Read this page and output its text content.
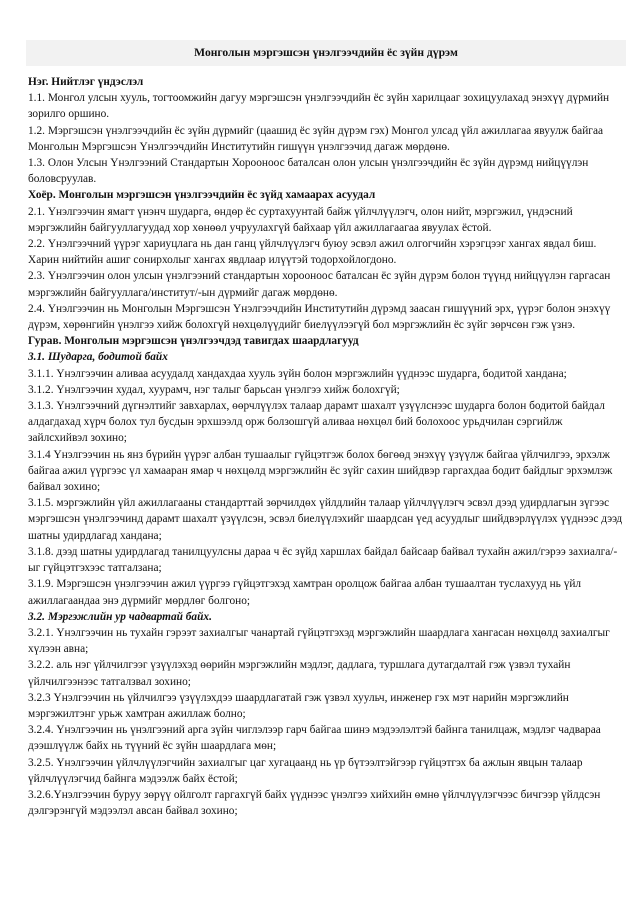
Монголын мэргэшсэн үнэлгээчдийн ёс зүйн дүрэм

Нэг. Нийтлэг үндэслэл

1.1. Монгол улсын хууль, тогтоомжийн дагуу мэргэшсэн үнэлгээчдийн ёс зүйн харилцааг зохицуулахад энэхүү дүрмийн зорилго оршино.

1.2. Мэргэшсэн үнэлгээчдийн ёс зүйн дүрмийг (цаашид ёс зүйн дүрэм гэх) Монгол улсад үйл ажиллагаа явуулж байгаа Монголын Мэргэшсэн Үнэлгээчдийн Институтийн гишүүн үнэлгээчид дагаж мөрдөнө.

1.3. Олон Улсын Үнэлгээний Стандартын Хорооноос баталсан олон улсын үнэлгээчдийн ёс зүйн дүрэмд нийцүүлэн боловсруулав.

Хоёр. Монголын мэргэшсэн үнэлгээчдийн ёс зүйд хамаарах асуудал

2.1. Үнэлгээчин ямагт үнэнч шударга, өндөр ёс суртахуунтай байж үйлчлүүлэгч, олон нийт, мэргэжил, үндэсний мэргэжлийн байгууллагуудад хор хөнөөл учруулахгүй байхаар үйл ажиллагаагаа явуулах ёстой.

2.2. Үнэлгээчний үүрэг хариуцлага нь дан ганц үйлчлүүлэгч буюу эсвэл ажил олгогчийн хэрэгцээг хангах явдал биш. Харин нийтийн ашиг сонирхолыг хангах явдлаар илүүтэй тодорхойлогдоно.

2.3. Үнэлгээчин олон улсын үнэлгээний стандартын хорооноос баталсан ёс зүйн дүрэм болон түүнд нийцүүлэн гаргасан мэргэжлийн байгууллага/институт/-ын дүрмийг дагаж мөрдөнө.

2.4. Үнэлгээчин нь Монголын Мэргэшсэн Үнэлгээчдийн Институтийн дүрэмд заасан гишүүний эрх, үүрэг болон энэхүү дүрэм, хөрөнгийн үнэлгээ хийж болохгүй нөхцөлүүдийг биелүүлээгүй бол мэргэжлийн ёс зүйг зөрчсөн гэж үзнэ.

Гурав. Монголын мэргэшсэн үнэлгээчдэд тавигдах шаардлагууд

3.1. Шударга, бодитой байх

3.1.1. Үнэлгээчин аливаа асуудалд хандахдаа хууль зүйн болон мэргэжлийн үүднээс шударга, бодитой хандана;

3.1.2. Үнэлгээчин худал, хуурамч, нэг талыг барьсан үнэлгээ хийж болохгүй;

3.1.3. Үнэлгээчний дүгнэлтийг завхарлах, өөрчлүүлэх талаар дарамт шахалт үзүүлснээс шударга болон бодитой байдал алдагдахад хүрч болох тул бусдын эрхшээлд орж болзошгүй аливаа нөхцөл бий болохоос урьдчилан сэргийлж зайлсхийвэл зохино;

3.1.4 Үнэлгээчин нь янз бүрийн үүрэг албан тушаалыг гүйцэтгэж болох бөгөөд энэхүү үзүүлж байгаа үйлчилгээ, эрхэлж байгаа ажил үүргээс үл хамааран ямар ч нөхцөлд мэргэжлийн ёс зүйг сахин шийдвэр гаргахдаа бодит байдлыг эрхэмлэж байвал зохино;

3.1.5. мэргэжлийн үйл ажиллагааны стандарттай зөрчилдөх үйлдлийн талаар үйлчлүүлэгч эсвэл дээд удирдлагын зүгээс мэргэшсэн үнэлгээчинд дарамт шахалт үзүүлсэн, эсвэл биелүүлэхийг шаардсан үед асуудлыг шийдвэрлүүлэх үүднээс дээд шатны удирдлагад хандана;

3.1.8. дээд шатны удирдлагад танилцуулсны дараа ч ёс зүйд харшлах байдал байсаар байвал тухайн ажил/гэрээ захиалга/-ыг гүйцэтгэхээс татгалзана;

3.1.9. Мэргэшсэн үнэлгээчин ажил үүргээ гүйцэтгэхэд хамтран оролцож байгаа албан тушаалтан туслахууд нь үйл ажиллагаандаа энэ дүрмийг мөрдлөг болгоно;

3.2. Мэргэжлийн ур чадвартай байх.

3.2.1. Үнэлгээчин нь тухайн гэрээт захиалгыг чанартай гүйцэтгэхэд мэргэжлийн шаардлага хангасан нөхцөлд захиалгыг хүлээн авна;

3.2.2. аль нэг үйлчилгээг үзүүлэхэд өөрийн мэргэжлийн мэдлэг, дадлага, туршлага дутагдалтай гэж үзвэл тухайн үйлчилгээнээс татгалзвал зохино;

3.2.3 Үнэлгээчин нь үйлчилгээ үзүүлэхдээ шаардлагатай гэж үзвэл хуульч, инженер гэх мэт нарийн мэргэжлийн мэргэжилтэнг урьж хамтран ажиллаж болно;

3.2.4. Үнэлгээчин нь үнэлгээний арга зүйн чиглэлээр гарч байгаа шинэ мэдээлэлтэй байнга танилцаж, мэдлэг чадвараа дээшлүүлж байх нь түүний ёс зүйн шаардлага мөн;

3.2.5. Үнэлгээчин үйлчлүүлэгчийн захиалгыг цаг хугацаанд нь үр бүтээлтэйгээр гүйцэтгэх ба ажлын явцын талаар үйлчлүүлэгчид байнга мэдээлж байх ёстой;

3.2.6.Үнэлгээчин буруу зөрүү ойлголт гаргахгүй байх үүднээс үнэлгээ хийхийн өмнө үйлчлүүлэгчээс бичгээр үйлдсэн дэлгэрэнгүй мэдээлэл авсан байвал зохино;
